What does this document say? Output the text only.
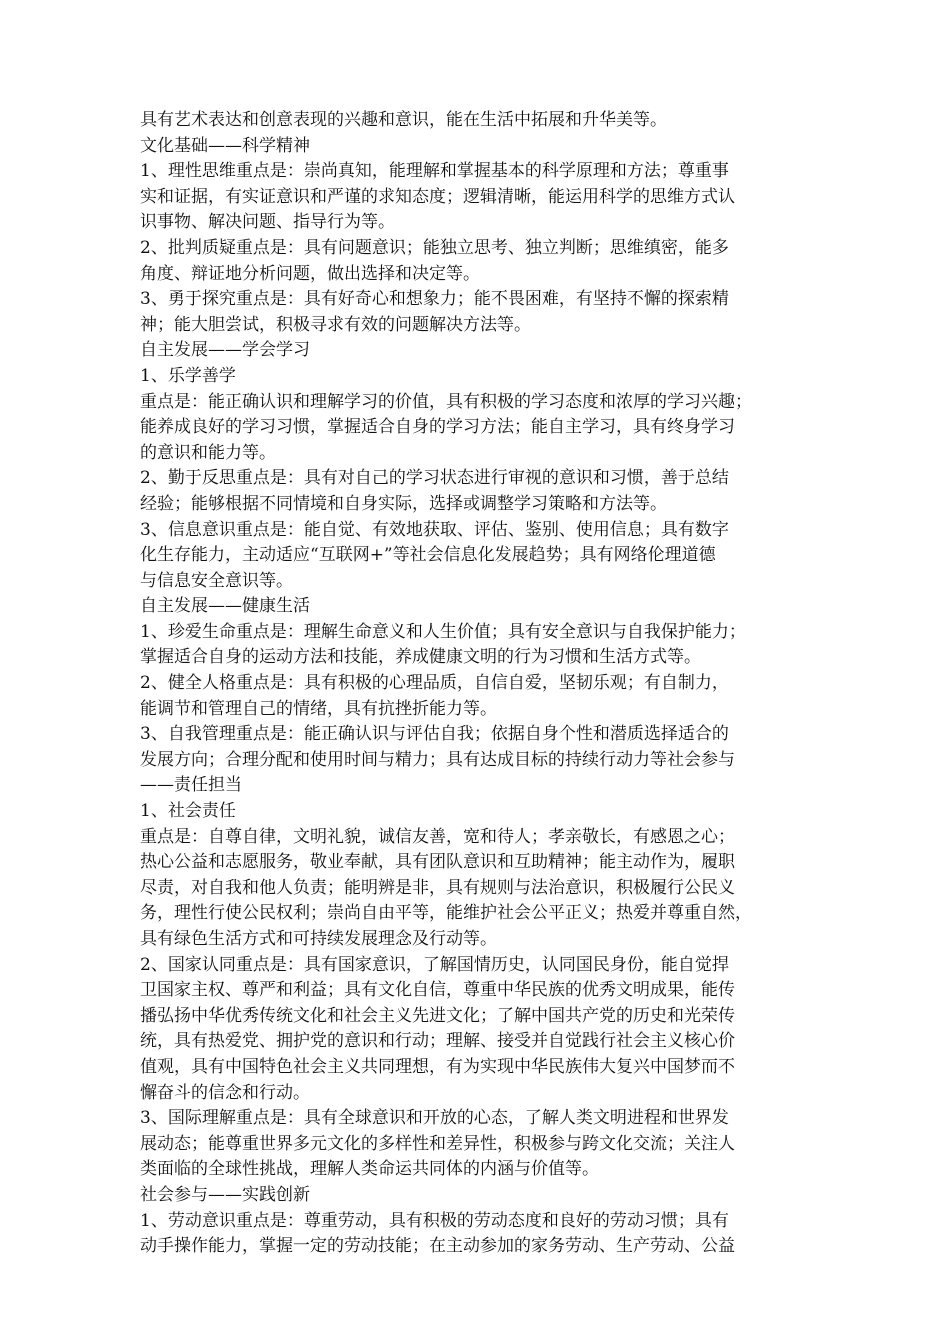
具有艺术表达和创意表现的兴趣和意识，能在生活中拓展和升华美等。

文化基础——科学精神

1、理性思维重点是：崇尚真知，能理解和掌握基本的科学原理和方法；尊重事

实和证据，有实证意识和严谨的求知态度；逻辑清晰，能运用科学的思维方式认

识事物、解决问题、指导行为等。

2、批判质疑重点是：具有问题意识；能独立思考、独立判断；思维缜密，能多

角度、辩证地分析问题，做出选择和决定等。

3、勇于探究重点是：具有好奇心和想象力；能不畏困难，有坚持不懈的探索精

神；能大胆尝试，积极寻求有效的问题解决方法等。

自主发展——学会学习

1、乐学善学

重点是：能正确认识和理解学习的价值，具有积极的学习态度和浓厚的学习兴趣；

能养成良好的学习习惯，掌握适合自身的学习方法；能自主学习，具有终身学习

的意识和能力等。

2、勤于反思重点是：具有对自己的学习状态进行审视的意识和习惯，善于总结

经验；能够根据不同情境和自身实际，选择或调整学习策略和方法等。

3、信息意识重点是：能自觉、有效地获取、评估、鉴别、使用信息；具有数字

化生存能力，主动适应“互联网+”等社会信息化发展趋势；具有网络伦理道德

与信息安全意识等。

自主发展——健康生活

1、珍爱生命重点是：理解生命意义和人生价值；具有安全意识与自我保护能力；

掌握适合自身的运动方法和技能，养成健康文明的行为习惯和生活方式等。

2、健全人格重点是：具有积极的心理品质，自信自爱，坚韧乐观；有自制力，

能调节和管理自己的情绪，具有抗挫折能力等。

3、自我管理重点是：能正确认识与评估自我；依据自身个性和潜质选择适合的

发展方向；合理分配和使用时间与精力；具有达成目标的持续行动力等社会参与

——责任担当

1、社会责任

重点是：自尊自律，文明礼貌，诚信友善，宽和待人；孝亲敬长，有感恩之心；

热心公益和志愿服务，敬业奉献，具有团队意识和互助精神；能主动作为，履职

尽责，对自我和他人负责；能明辨是非，具有规则与法治意识，积极履行公民义

务，理性行使公民权利；崇尚自由平等，能维护社会公平正义；热爱并尊重自然，

具有绿色生活方式和可持续发展理念及行动等。

2、国家认同重点是：具有国家意识，了解国情历史，认同国民身份，能自觉捍

卫国家主权、尊严和利益；具有文化自信，尊重中华民族的优秀文明成果，能传

播弘扬中华优秀传统文化和社会主义先进文化；了解中国共产党的历史和光荣传

统，具有热爱党、拥护党的意识和行动；理解、接受并自觉践行社会主义核心价

值观，具有中国特色社会主义共同理想，有为实现中华民族伟大复兴中国梦而不

懈奋斗的信念和行动。

3、国际理解重点是：具有全球意识和开放的心态，了解人类文明进程和世界发

展动态；能尊重世界多元文化的多样性和差异性，积极参与跨文化交流；关注人

类面临的全球性挑战，理解人类命运共同体的内涵与价值等。

社会参与——实践创新

1、劳动意识重点是：尊重劳动，具有积极的劳动态度和良好的劳动习惯；具有

动手操作能力，掌握一定的劳动技能；在主动参加的家务劳动、生产劳动、公益
